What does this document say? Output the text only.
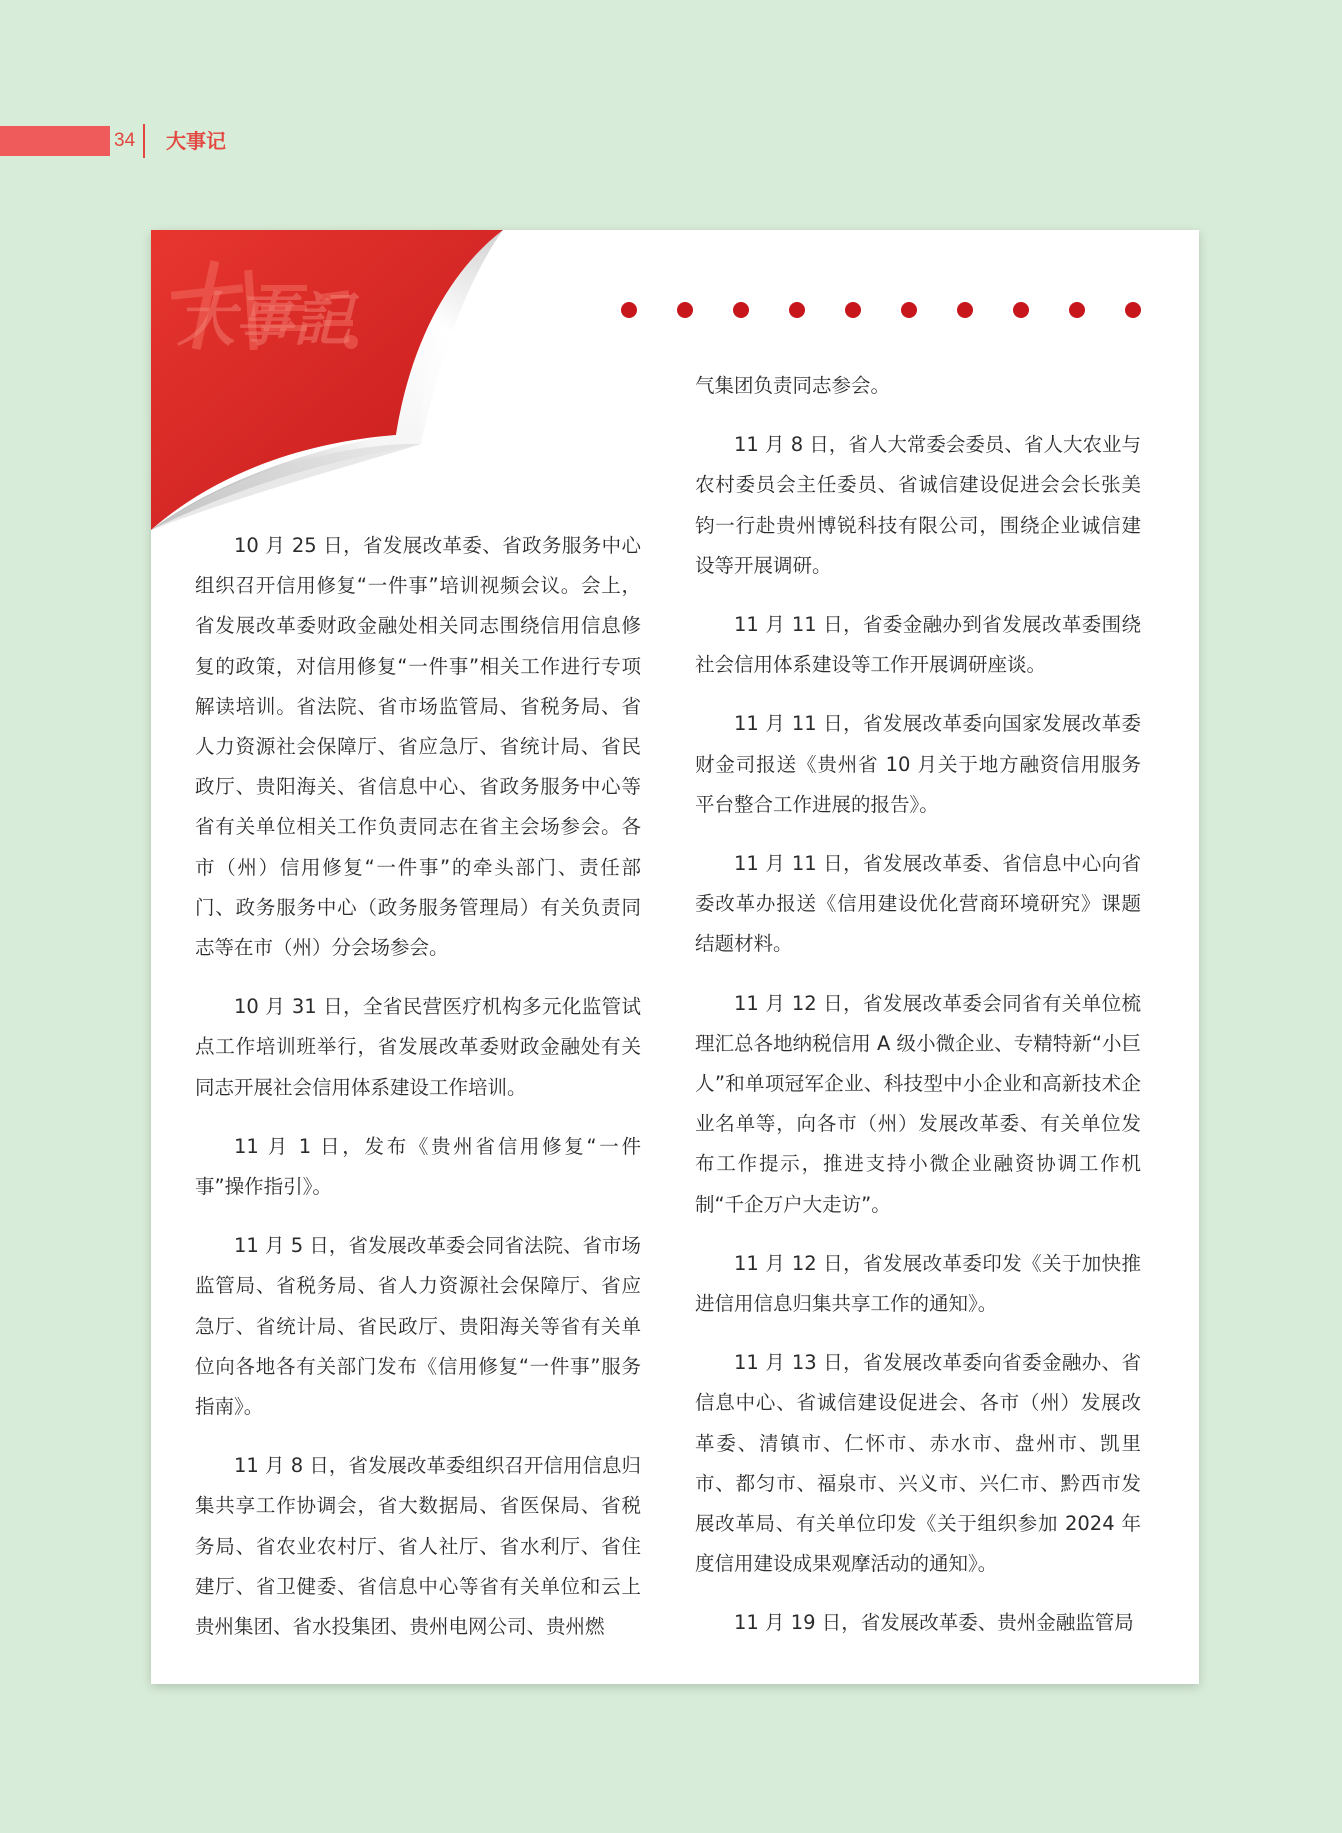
34 大事记
大事記

10 月 25 日，省发展改革委、省政务服务中心组织召开信用修复“一件事”培训视频会议。会上，省发展改革委财政金融处相关同志围绕信用信息修复的政策，对信用修复“一件事”相关工作进行专项解读培训。省法院、省市场监管局、省税务局、省人力资源社会保障厅、省应急厅、省统计局、省民政厅、贵阳海关、省信息中心、省政务服务中心等省有关单位相关工作负责同志在省主会场参会。各市（州）信用修复“一件事”的牵头部门、责任部门、政务服务中心（政务服务管理局）有关负责同志等在市（州）分会场参会。

10 月 31 日，全省民营医疗机构多元化监管试点工作培训班举行，省发展改革委财政金融处有关同志开展社会信用体系建设工作培训。

11 月 1 日，发布《贵州省信用修复“一件事”操作指引》。

11 月 5 日，省发展改革委会同省法院、省市场监管局、省税务局、省人力资源社会保障厅、省应急厅、省统计局、省民政厅、贵阳海关等省有关单位向各地各有关部门发布《信用修复“一件事”服务指南》。

11 月 8 日，省发展改革委组织召开信用信息归集共享工作协调会，省大数据局、省医保局、省税务局、省农业农村厅、省人社厅、省水利厅、省住建厅、省卫健委、省信息中心等省有关单位和云上贵州集团、省水投集团、贵州电网公司、贵州燃

气集团负责同志参会。

11 月 8 日，省人大常委会委员、省人大农业与农村委员会主任委员、省诚信建设促进会会长张美钧一行赴贵州博锐科技有限公司，围绕企业诚信建设等开展调研。

11 月 11 日，省委金融办到省发展改革委围绕社会信用体系建设等工作开展调研座谈。

11 月 11 日，省发展改革委向国家发展改革委财金司报送《贵州省 10 月关于地方融资信用服务平台整合工作进展的报告》。

11 月 11 日，省发展改革委、省信息中心向省委改革办报送《信用建设优化营商环境研究》课题结题材料。

11 月 12 日，省发展改革委会同省有关单位梳理汇总各地纳税信用 A 级小微企业、专精特新“小巨人”和单项冠军企业、科技型中小企业和高新技术企业名单等，向各市（州）发展改革委、有关单位发布工作提示，推进支持小微企业融资协调工作机制“千企万户大走访”。

11 月 12 日，省发展改革委印发《关于加快推进信用信息归集共享工作的通知》。

11 月 13 日，省发展改革委向省委金融办、省信息中心、省诚信建设促进会、各市（州）发展改革委、清镇市、仁怀市、赤水市、盘州市、凯里市、都匀市、福泉市、兴义市、兴仁市、黔西市发展改革局、有关单位印发《关于组织参加 2024 年度信用建设成果观摩活动的通知》。

11 月 19 日，省发展改革委、贵州金融监管局
